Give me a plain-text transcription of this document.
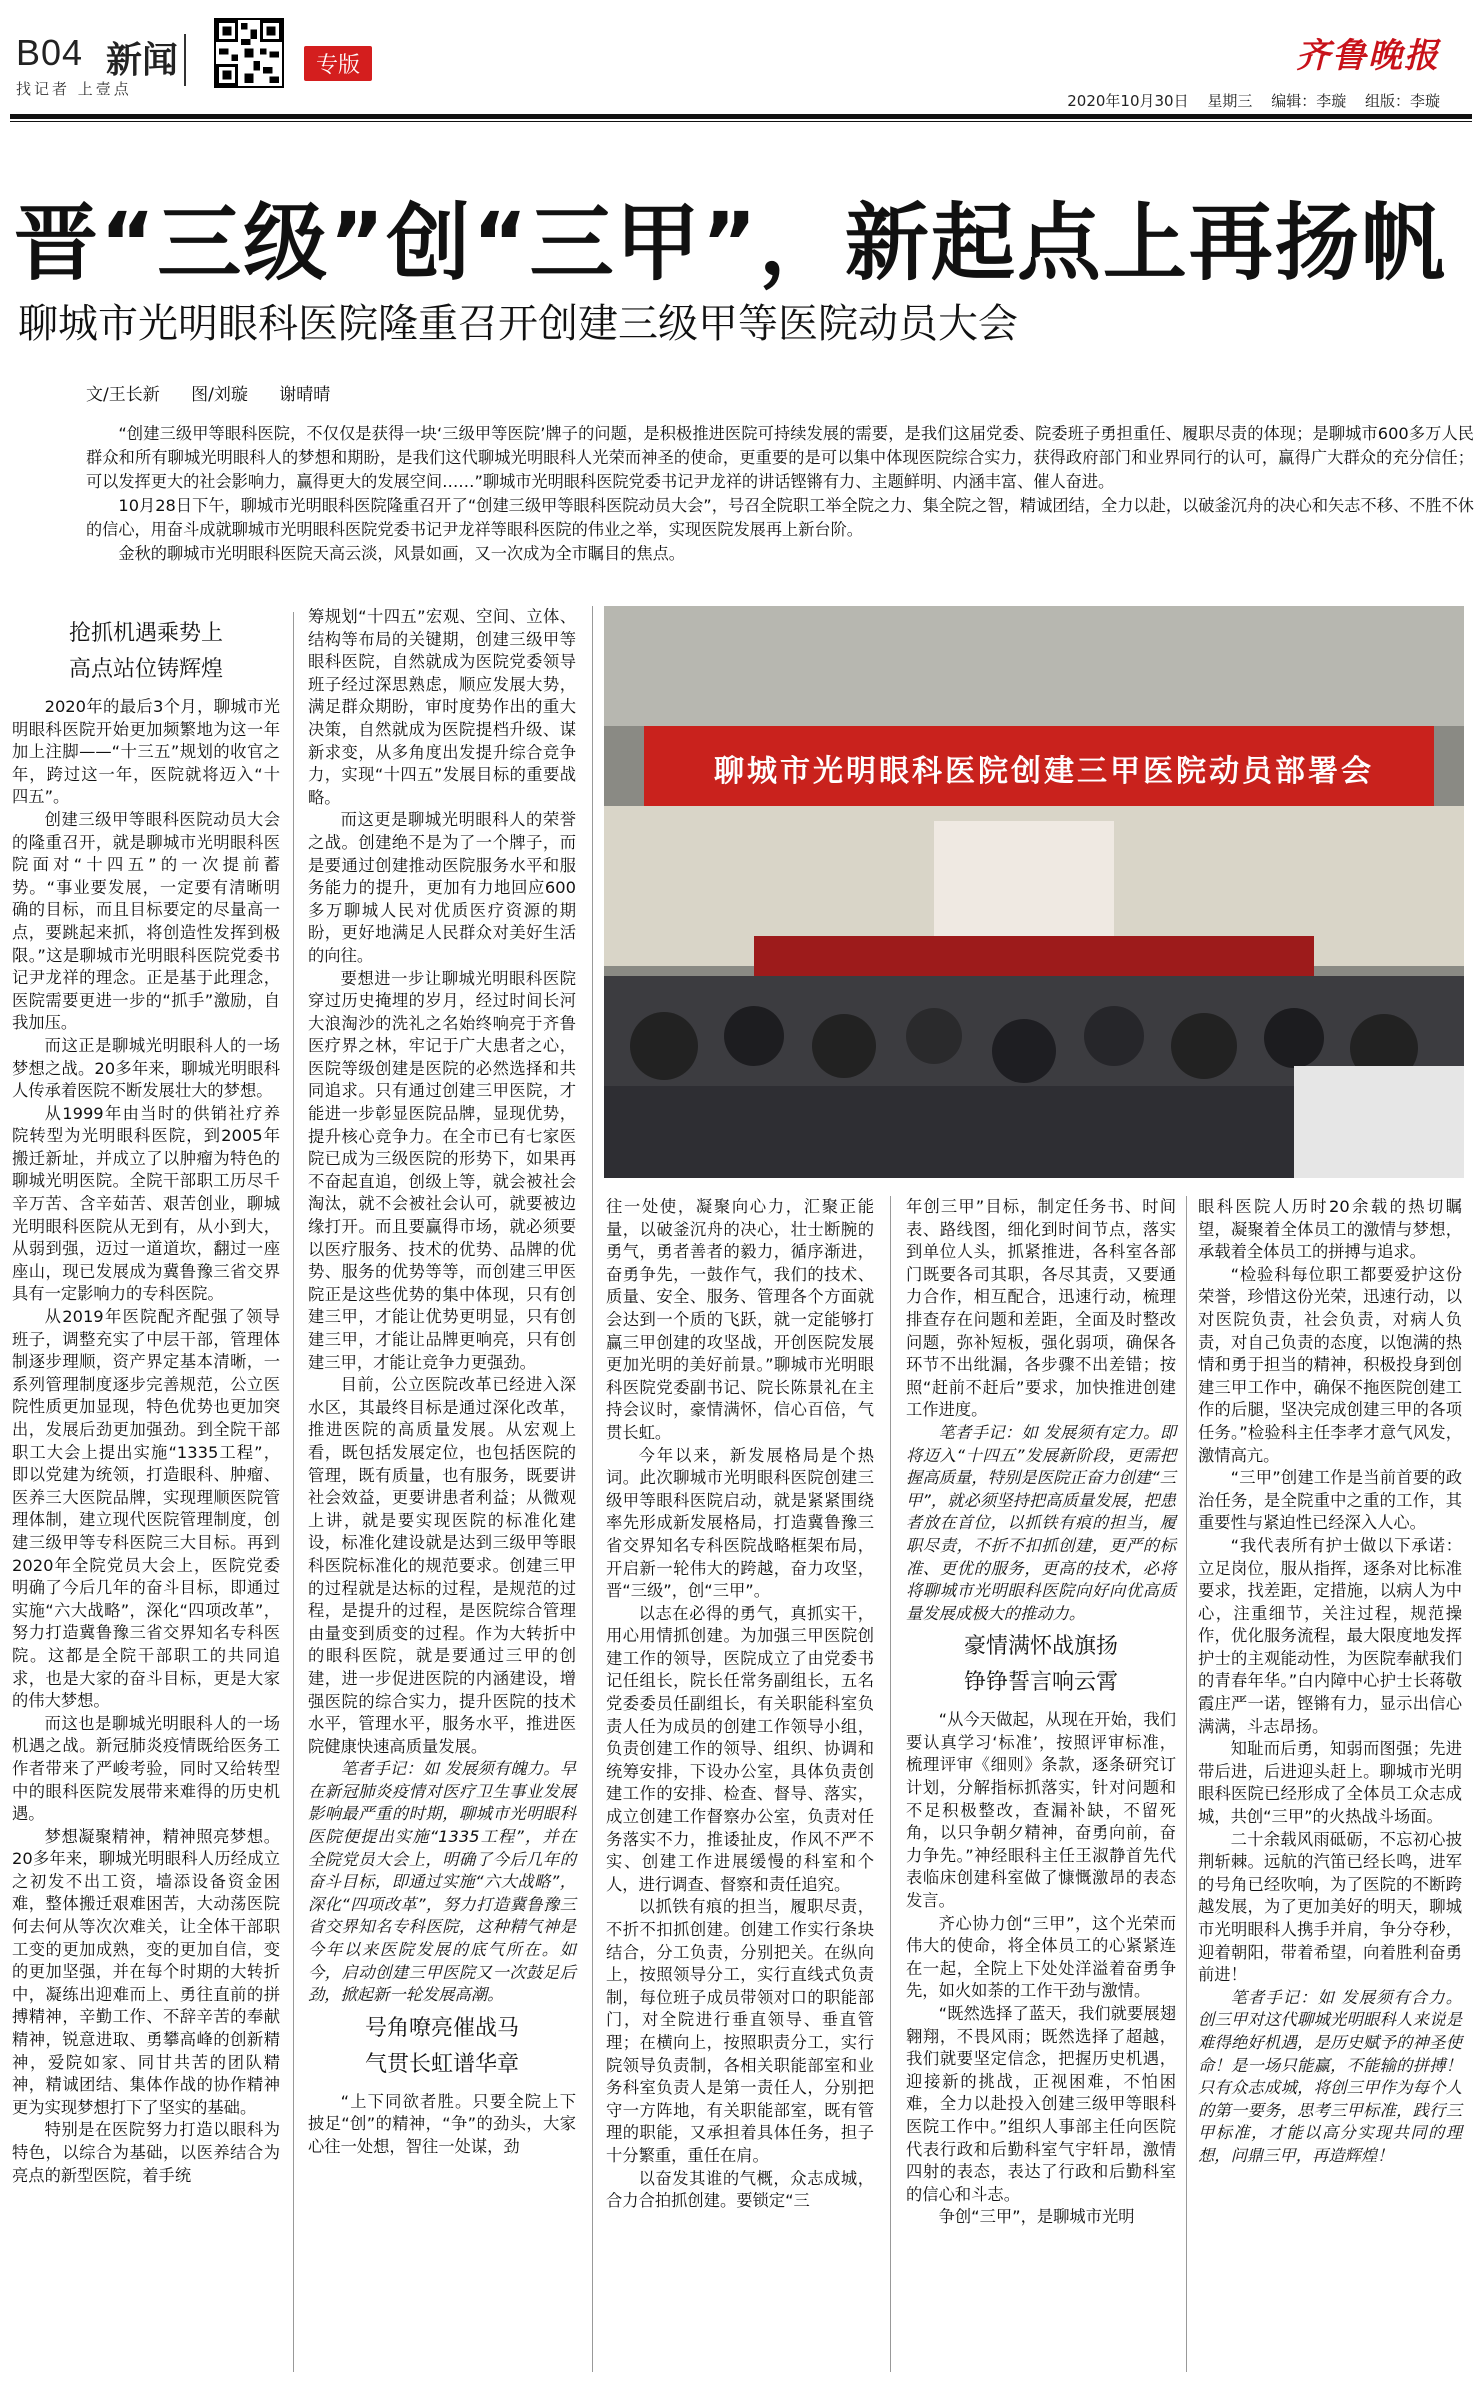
B04 新闻
找记者 上壹点
专版	齐鲁晚报
2020年10月30日 星期三 编辑：李璇 组版：李璇
晋“三级”创“三甲”，新起点上再扬帆
聊城市光明眼科医院隆重召开创建三级甲等医院动员大会
文/王长新 图/刘璇 谢晴晴

“创建三级甲等眼科医院，不仅仅是获得一块‘三级甲等医院’牌子的问题，是积极推进医院可持续发展的需要，是我们这届党委、院委班子勇担重任、履职尽责的体现；是聊城市600多万人民群众和所有聊城光明眼科人的梦想和期盼，是我们这代聊城光明眼科人光荣而神圣的使命，更重要的是可以集中体现医院综合实力，获得政府部门和业界同行的认可，赢得广大群众的充分信任；可以发挥更大的社会影响力，赢得更大的发展空间……”聊城市光明眼科医院党委书记尹龙祥的讲话铿锵有力、主题鲜明、内涵丰富、催人奋进。

10月28日下午，聊城市光明眼科医院隆重召开了“创建三级甲等眼科医院动员大会”，号召全院职工举全院之力、集全院之智，精诚团结，全力以赴，以破釜沉舟的决心和矢志不移、不胜不休的信心，用奋斗成就聊城市光明眼科医院党委书记尹龙祥等眼科医院的伟业之举，实现医院发展再上新台阶。

金秋的聊城市光明眼科医院天高云淡，风景如画，又一次成为全市瞩目的焦点。

抢抓机遇乘势上
高点站位铸辉煌

2020年的最后3个月，聊城市光明眼科医院开始更加频繁地为这一年加上注脚——“十三五”规划的收官之年，跨过这一年，医院就将迈入“十四五”。

创建三级甲等眼科医院动员大会的隆重召开，就是聊城市光明眼科医院面对“十四五”的一次提前蓄势。“事业要发展，一定要有清晰明确的目标，而且目标要定的尽量高一点，要跳起来抓，将创造性发挥到极限。”这是聊城市光明眼科医院党委书记尹龙祥的理念。正是基于此理念，医院需要更进一步的“抓手”激励，自我加压。

而这正是聊城光明眼科人的一场梦想之战。20多年来，聊城光明眼科人传承着医院不断发展壮大的梦想。

从1999年由当时的供销社疗养院转型为光明眼科医院，到2005年搬迁新址，并成立了以肿瘤为特色的聊城光明医院。全院干部职工历尽千辛万苦、含辛茹苦、艰苦创业，聊城光明眼科医院从无到有，从小到大，从弱到强，迈过一道道坎，翻过一座座山，现已发展成为冀鲁豫三省交界具有一定影响力的专科医院。

从2019年医院配齐配强了领导班子，调整充实了中层干部，管理体制逐步理顺，资产界定基本清晰，一系列管理制度逐步完善规范，公立医院性质更加显现，特色优势也更加突出，发展后劲更加强劲。到全院干部职工大会上提出实施“1335工程”，即以党建为统领，打造眼科、肿瘤、医养三大医院品牌，实现理顺医院管理体制，建立现代医院管理制度，创建三级甲等专科医院三大目标。再到2020年全院党员大会上，医院党委明确了今后几年的奋斗目标，即通过实施“六大战略”，深化“四项改革”，努力打造冀鲁豫三省交界知名专科医院。这都是全院干部职工的共同追求，也是大家的奋斗目标，更是大家的伟大梦想。

而这也是聊城光明眼科人的一场机遇之战。新冠肺炎疫情既给医务工作者带来了严峻考验，同时又给转型中的眼科医院发展带来难得的历史机遇。

梦想凝聚精神，精神照亮梦想。20多年来，聊城光明眼科人历经成立之初发不出工资，墙添设备资金困难，整体搬迁艰难困苦，大动荡医院何去何从等次次难关，让全体干部职工变的更加成熟，变的更加自信，变的更加坚强，并在每个时期的大转折中，凝练出迎难而上、勇往直前的拼搏精神，辛勤工作、不辞辛苦的奉献精神，锐意进取、勇攀高峰的创新精神，爱院如家、同甘共苦的团队精神，精诚团结、集体作战的协作精神更为实现梦想打下了坚实的基础。

特别是在医院努力打造以眼科为特色，以综合为基础，以医养结合为亮点的新型医院，着手统

筹规划“十四五”宏观、空间、立体、结构等布局的关键期，创建三级甲等眼科医院，自然就成为医院党委领导班子经过深思熟虑，顺应发展大势，满足群众期盼，审时度势作出的重大决策，自然就成为医院提档升级、谋新求变，从多角度出发提升综合竞争力，实现“十四五”发展目标的重要战略。

而这更是聊城光明眼科人的荣誉之战。创建绝不是为了一个牌子，而是要通过创建推动医院服务水平和服务能力的提升，更加有力地回应600多万聊城人民对优质医疗资源的期盼，更好地满足人民群众对美好生活的向往。

要想进一步让聊城光明眼科医院穿过历史掩埋的岁月，经过时间长河大浪淘沙的洗礼之名始终响亮于齐鲁医疗界之林，牢记于广大患者之心，医院等级创建是医院的必然选择和共同追求。只有通过创建三甲医院，才能进一步彰显医院品牌，显现优势，提升核心竞争力。在全市已有七家医院已成为三级医院的形势下，如果再不奋起直追，创级上等，就会被社会淘汰，就不会被社会认可，就要被边缘打开。而且要赢得市场，就必须要以医疗服务、技术的优势、品牌的优势、服务的优势等等，而创建三甲医院正是这些优势的集中体现，只有创建三甲，才能让优势更明显，只有创建三甲，才能让品牌更响亮，只有创建三甲，才能让竞争力更强劲。

目前，公立医院改革已经进入深水区，其最终目标是通过深化改革，推进医院的高质量发展。从宏观上看，既包括发展定位，也包括医院的管理，既有质量，也有服务，既要讲社会效益，更要讲患者利益；从微观上讲，就是要实现医院的标准化建设，标准化建设就是达到三级甲等眼科医院标准化的规范要求。创建三甲的过程就是达标的过程，是规范的过程，是提升的过程，是医院综合管理由量变到质变的过程。作为大转折中的眼科医院，就是要通过三甲的创建，进一步促进医院的内涵建设，增强医院的综合实力，提升医院的技术水平，管理水平，服务水平，推进医院健康快速高质量发展。

笔者手记：如 发展须有魄力。早在新冠肺炎疫情对医疗卫生事业发展影响最严重的时期，聊城市光明眼科医院便提出实施“1335工程”，并在全院党员大会上，明确了今后几年的奋斗目标，即通过实施“六大战略”，深化“四项改革”，努力打造冀鲁豫三省交界知名专科医院，这种精气神是今年以来医院发展的底气所在。如今，启动创建三甲医院又一次鼓足后劲，掀起新一轮发展高潮。

号角嘹亮催战马
气贯长虹谱华章

“上下同欲者胜。只要全院上下披足“创”的精神，“争”的劲头，大家心往一处想，智往一处谋，劲

聊城市光明眼科医院创建三甲医院动员部署会

往一处使，凝聚向心力，汇聚正能量，以破釜沉舟的决心，壮士断腕的勇气，勇者善者的毅力，循序渐进，奋勇争先，一鼓作气，我们的技术、质量、安全、服务、管理各个方面就会达到一个质的飞跃，就一定能够打赢三甲创建的攻坚战，开创医院发展更加光明的美好前景。”聊城市光明眼科医院党委副书记、院长陈景礼在主持会议时，豪情满怀，信心百倍，气贯长虹。

今年以来，新发展格局是个热词。此次聊城市光明眼科医院创建三级甲等眼科医院启动，就是紧紧围绕率先形成新发展格局，打造冀鲁豫三省交界知名专科医院战略框架布局，开启新一轮伟大的跨越，奋力攻坚，晋“三级”，创“三甲”。

以志在必得的勇气，真抓实干，用心用情抓创建。为加强三甲医院创建工作的领导，医院成立了由党委书记任组长，院长任常务副组长，五名党委委员任副组长，有关职能科室负责人任为成员的创建工作领导小组，负责创建工作的领导、组织、协调和统筹安排，下设办公室，具体负责创建工作的安排、检查、督导、落实，成立创建工作督察办公室，负责对任务落实不力，推诿扯皮，作风不严不实、创建工作进展缓慢的科室和个人，进行调查、督察和责任追究。

以抓铁有痕的担当，履职尽责，不折不扣抓创建。创建工作实行条块结合，分工负责，分别把关。在纵向上，按照领导分工，实行直线式负责制，每位班子成员带领对口的职能部门，对全院进行垂直领导、垂直管理；在横向上，按照职责分工，实行院领导负责制，各相关职能部室和业务科室负责人是第一责任人，分别把守一方阵地，有关职能部室，既有管理的职能，又承担着具体任务，担子十分繁重，重任在肩。

以奋发其谁的气概，众志成城，合力合拍抓创建。要锁定“三

年创三甲”目标，制定任务书、时间表、路线图，细化到时间节点，落实到单位人头，抓紧推进，各科室各部门既要各司其职，各尽其责，又要通力合作，相互配合，迅速行动，梳理排查存在问题和差距，全面及时整改问题，弥补短板，强化弱项，确保各环节不出纰漏，各步骤不出差错；按照“赶前不赶后”要求，加快推进创建工作进度。

笔者手记：如 发展须有定力。即将迈入“十四五”发展新阶段，更需把握高质量，特别是医院正奋力创建“三甲”，就必须坚持把高质量发展，把患者放在首位，以抓铁有痕的担当，履职尽责，不折不扣抓创建，更严的标准、更优的服务，更高的技术，必将将聊城市光明眼科医院向好向优高质量发展成极大的推动力。

豪情满怀战旗扬
铮铮誓言响云霄

“从今天做起，从现在开始，我们要认真学习‘标准’，按照评审标准，梳理评审《细则》条款，逐条研究订计划，分解指标抓落实，针对问题和不足积极整改，查漏补缺，不留死角，以只争朝夕精神，奋勇向前，奋力争先。”神经眼科主任王淑静首先代表临床创建科室做了慷慨激昂的表态发言。

齐心协力创“三甲”，这个光荣而伟大的使命，将全体员工的心紧紧连在一起，全院上下处处洋溢着奋勇争先，如火如荼的工作干劲与激情。

“既然选择了蓝天，我们就要展翅翱翔，不畏风雨；既然选择了超越，我们就要坚定信念，把握历史机遇，迎接新的挑战，正视困难，不怕困难，全力以赴投入创建三级甲等眼科医院工作中。”组织人事部主任向医院代表行政和后勤科室气宇轩昂，激情四射的表态，表达了行政和后勤科室的信心和斗志。

争创“三甲”，是聊城市光明

眼科医院人历时20余载的热切瞩望，凝聚着全体员工的激情与梦想，承载着全体员工的拼搏与追求。

“检验科每位职工都要爱护这份荣誉，珍惜这份光荣，迅速行动，以对医院负责，社会负责，对病人负责，对自己负责的态度，以饱满的热情和勇于担当的精神，积极投身到创建三甲工作中，确保不拖医院创建工作的后腿，坚决完成创建三甲的各项任务。”检验科主任李孝才意气风发，激情高亢。

“三甲”创建工作是当前首要的政治任务，是全院重中之重的工作，其重要性与紧迫性已经深入人心。

“我代表所有护士做以下承诺：立足岗位，服从指挥，逐条对比标准要求，找差距，定措施，以病人为中心，注重细节，关注过程，规范操作，优化服务流程，最大限度地发挥护士的主观能动性，为医院奉献我们的青春年华。”白内障中心护士长蒋敬霞庄严一诺，铿锵有力，显示出信心满满，斗志昂扬。

知耻而后勇，知弱而图强；先进带后进，后进迎头赶上。聊城市光明眼科医院已经形成了全体员工众志成城，共创“三甲”的火热战斗场面。

二十余载风雨砥砺，不忘初心披荆斩棘。远航的汽笛已经长鸣，进军的号角已经吹响，为了医院的不断跨越发展，为了更加美好的明天，聊城市光明眼科人携手并肩，争分夺秒，迎着朝阳，带着希望，向着胜利奋勇前进！

笔者手记：如 发展须有合力。创三甲对这代聊城光明眼科人来说是难得绝好机遇，是历史赋予的神圣使命！是一场只能赢，不能输的拼搏！只有众志成城，将创三甲作为每个人的第一要务，思考三甲标准，践行三甲标准，才能以高分实现共同的理想，问鼎三甲，再造辉煌！
